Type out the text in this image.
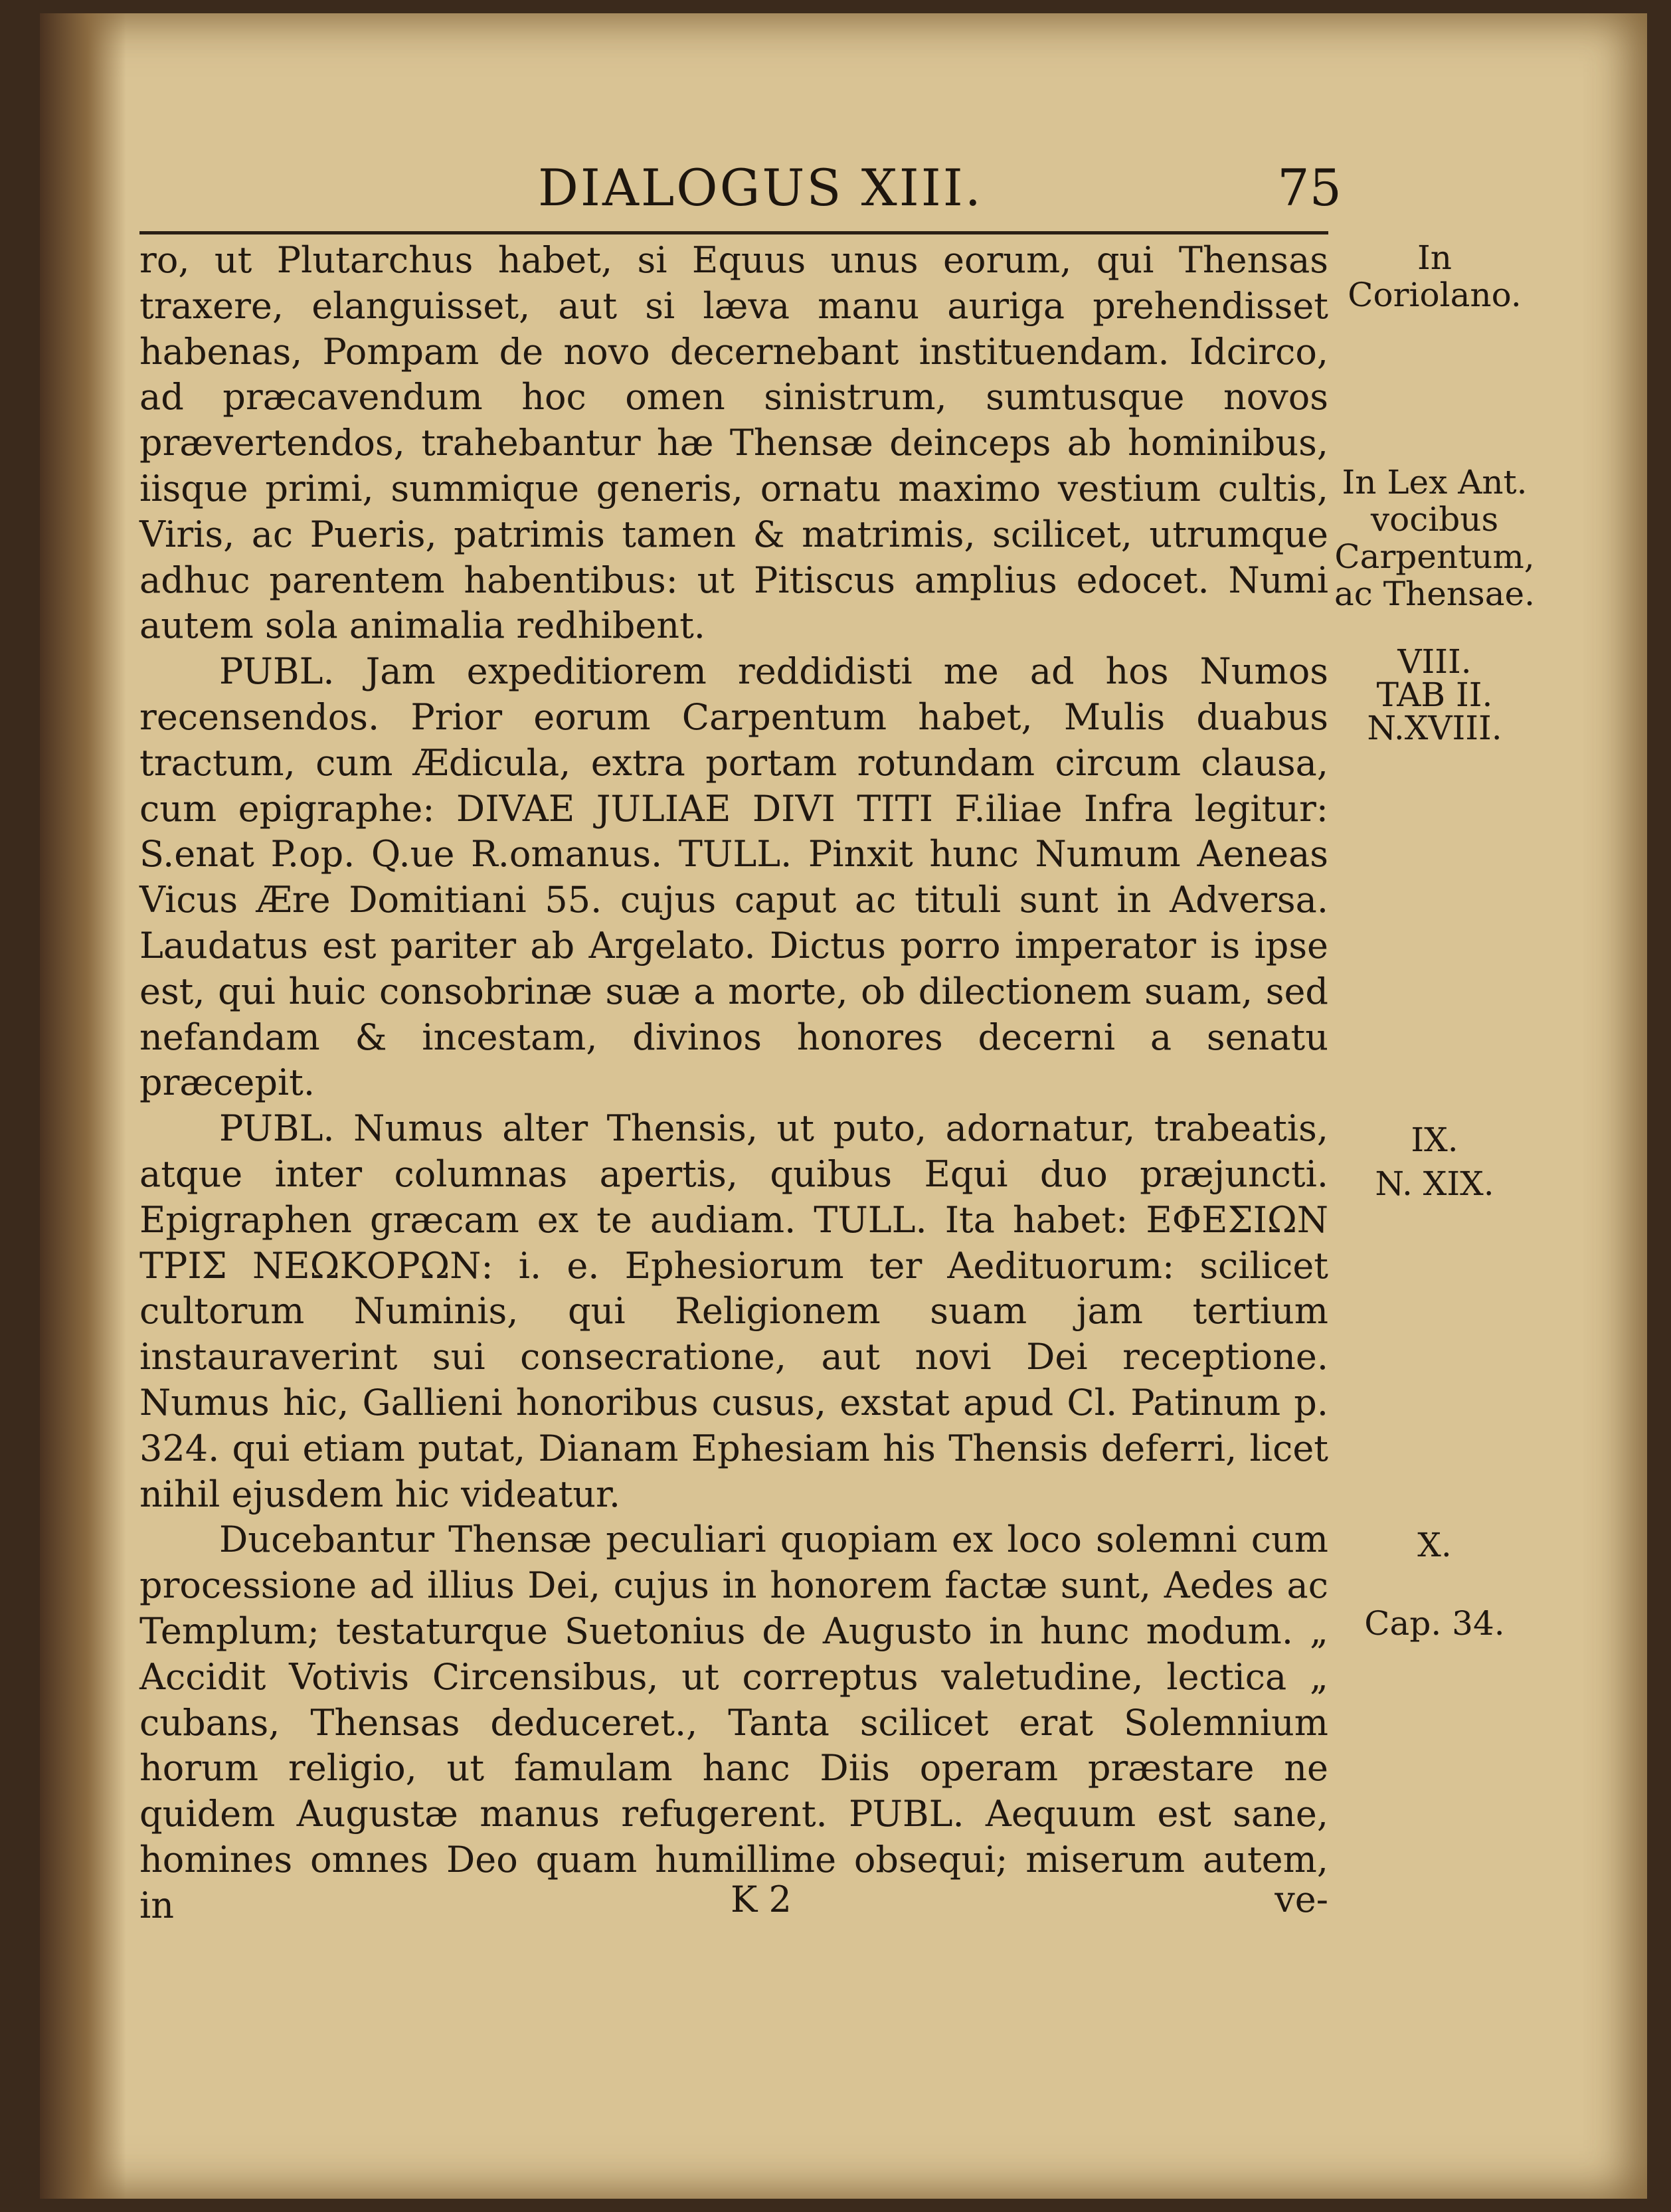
DIALOGUS XIII.	75

ro, ut Plutarchus habet, si Equus unus eorum, qui Thensas traxere, elanguisset, aut si læva manu auriga prehendisset habenas, Pompam de novo decernebant instituendam. Idcirco, ad præcavendum hoc omen sinistrum, sumtusque novos prævertendos, trahebantur hæ Thensæ deinceps ab hominibus, iisque primi, summique generis, ornatu maximo vestium cultis, Viris, ac Pueris, patrimis tamen & matrimis, scilicet, utrumque adhuc parentem habentibus: ut Pitiscus amplius edocet. Numi autem sola animalia redhibent.

PUBL. Jam expeditiorem reddidisti me ad hos Numos recensendos. Prior eorum Carpentum habet, Mulis duabus tractum, cum Ædicula, extra portam rotundam circum clausa, cum epigraphe: DIVAE JULIAE DIVI TITI F.iliae Infra legitur: S.enat P.op. Q.ue R.omanus. TULL. Pinxit hunc Numum Aeneas Vicus Ære Domitiani 55. cujus caput ac tituli sunt in Adversa. Laudatus est pariter ab Argelato. Dictus porro imperator is ipse est, qui huic consobrinæ suæ a morte, ob dilectionem suam, sed nefandam & incestam, divinos honores decerni a senatu præcepit.

PUBL. Numus alter Thensis, ut puto, adornatur, trabeatis, atque inter columnas apertis, quibus Equi duo præjuncti. Epigraphen græcam ex te audiam. TULL. Ita habet: ΕΦΕΣΙΩΝ ΤΡΙΣ ΝΕΩΚΟΡΩΝ: i. e. Ephesiorum ter Aedituorum: scilicet cultorum Numinis, qui Religionem suam jam tertium instauraverint sui consecratione, aut novi Dei receptione. Numus hic, Gallieni honoribus cusus, exstat apud Cl. Patinum p. 324. qui etiam putat, Dianam Ephesiam his Thensis deferri, licet nihil ejusdem hic videatur.

Ducebantur Thensæ peculiari quopiam ex loco solemni cum processione ad illius Dei, cujus in honorem factæ sunt, Aedes ac Templum; testaturque Suetonius de Augusto in hunc modum. „ Accidit Votivis Circensibus, ut correptus valetudine, lectica „ cubans, Thensas deduceret., Tanta scilicet erat Solemnium horum religio, ut famulam hanc Diis operam præstare ne quidem Augustæ manus refugerent. PUBL. Aequum est sane, homines omnes Deo quam humillime obsequi; miserum autem, in

In Coriolano.
In Lex Ant. vocibus Carpentum, ac Thensae.
VIII.
TAB II.
N.XVIII.
IX.
N. XIX.
X.
Cap. 34.
K 2	ve-
